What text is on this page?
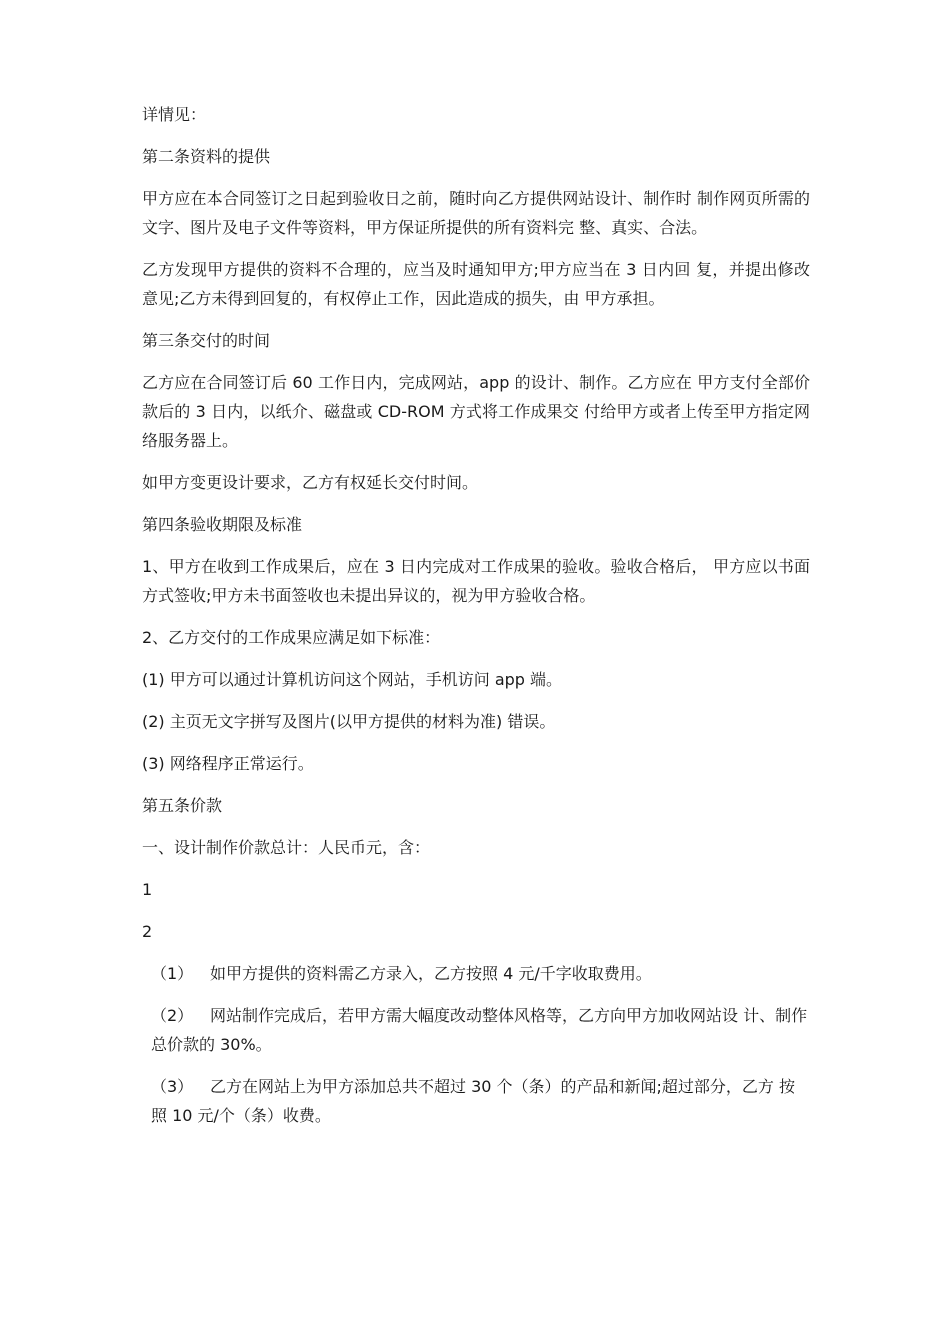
详情见：

第二条资料的提供

甲方应在本合同签订之日起到验收日之前，随时向乙方提供网站设计、制作时 制作网页所需的文字、图片及电子文件等资料，甲方保证所提供的所有资料完 整、真实、合法。

乙方发现甲方提供的资料不合理的，应当及时通知甲方;甲方应当在 3 日内回 复，并提出修改意见;乙方未得到回复的，有权停止工作，因此造成的损失，由 甲方承担。

第三条交付的时间

乙方应在合同签订后 60 工作日内，完成网站，app 的设计、制作。乙方应在 甲方支付全部价款后的 3 日内，以纸介、磁盘或 CD-ROM 方式将工作成果交 付给甲方或者上传至甲方指定网络服务器上。

如甲方变更设计要求，乙方有权延长交付时间。

第四条验收期限及标准

1、甲方在收到工作成果后，应在 3 日内完成对工作成果的验收。验收合格后， 甲方应以书面方式签收;甲方未书面签收也未提出异议的，视为甲方验收合格。

2、乙方交付的工作成果应满足如下标准：

(1) 甲方可以通过计算机访问这个网站，手机访问 app 端。

(2) 主页无文字拼写及图片(以甲方提供的材料为准) 错误。

(3) 网络程序正常运行。

第五条价款

一、设计制作价款总计：人民币元，含：

1

2

（1） 如甲方提供的资料需乙方录入，乙方按照 4 元/千字收取费用。
（2） 网站制作完成后，若甲方需大幅度改动整体风格等，乙方向甲方加收网站设 计、制作总价款的 30%。
（3） 乙方在网站上为甲方添加总共不超过 30 个（条）的产品和新闻;超过部分，乙方 按照 10 元/个（条）收费。
